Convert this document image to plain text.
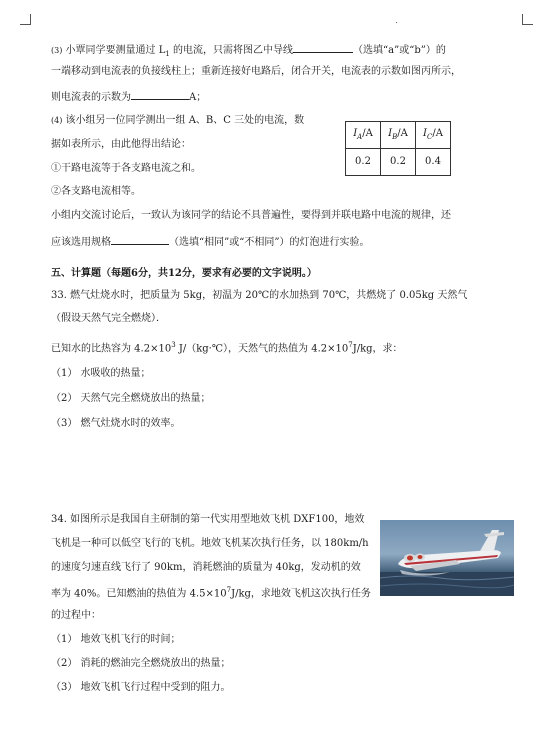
(3) 小覃同学要测量通过 $L_1$ 的电流，只需将图乙中导线	（选填“a”或“b”）的
一端移动到电流表的负接线柱上；重新连接好电路后，闭合开关，电流表的示数如图丙所示，
则电流表的示数为	A；
(4) 该小组另一位同学测出一组 A、B、C 三处的电流，数
据如表所示，由此他得出结论：
①干路电流等于各支路电流之和。
②各支路电流相等。
小组内交流讨论后，一致认为该同学的结论不具普遍性，要得到并联电路中电流的规律，还
应该选用规格	（选填“相同”或“不相同”）的灯泡进行实验。
$I_A/A$	$I_B/A$	$I_C/A$
0.2	0.2	0.4
五、计算题（每题6分，共12分，要求有必要的文字说明。）
33. 燃气灶烧水时，把质量为 5kg，初温为 20℃的水加热到 70℃，共燃烧了 0.05kg 天然气
（假设天然气完全燃烧）．
已知水的比热容为 $4.2\times 10^3$ J/（kg·℃），天然气的热值为 $4.2\times 10^7J/kg$，求：
（1） 水吸收的热量；
（2） 天然气完全燃烧放出的热量；
（3） 燃气灶烧水时的效率。
34. 如图所示是我国自主研制的第一代实用型地效飞机 DXF100，地效
飞机是一种可以低空飞行的飞机。地效飞机某次执行任务，以 180km/h
的速度匀速直线飞行了 90km，消耗燃油的质量为 40kg，发动机的效
率为 40%。已知燃油的热值为 $4.5\times 10^7J/kg$，求地效飞机这次执行任务
的过程中：
（1） 地效飞机飞行的时间；
（2） 消耗的燃油完全燃烧放出的热量；
（3） 地效飞机飞行过程中受到的阻力。
